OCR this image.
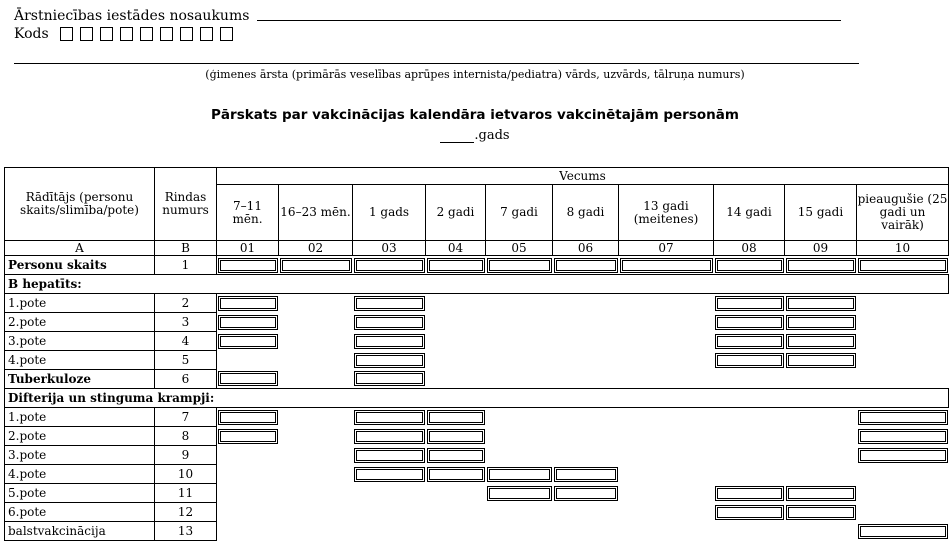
Ārstniecības iestādes nosaukums
Kods
(ģimenes ārsta (primārās veselības aprūpes internista/pediatra) vārds, uzvārds, tālruņa numurs)
Pārskats par vakcinācijas kalendāra ietvaros vakcinētajām personām
.gads
Rādītājs (personu skaits/slimība/pote)	Rindas numurs	Vecums									
		7–11 mēn.	16–23 mēn.	1 gads	2 gadi	7 gadi	8 gadi	13 gadi (meitenes)	14 gadi	15 gadi	pieaugušie (25 gadi un vairāk)
A	B	01	02	03	04	05	06	07	08	09	10
Personu skaits	1	

B hepatīts:											
1.pote	2	

2.pote	3	

3.pote	4	

4.pote	5			

Tuberkuloze	6	

Difterija un stinguma krampji:											
1.pote	7	

2.pote	8	

3.pote	9			

4.pote	10			

5.pote	11					

6.pote	12								

balstvakcinācija	13										
